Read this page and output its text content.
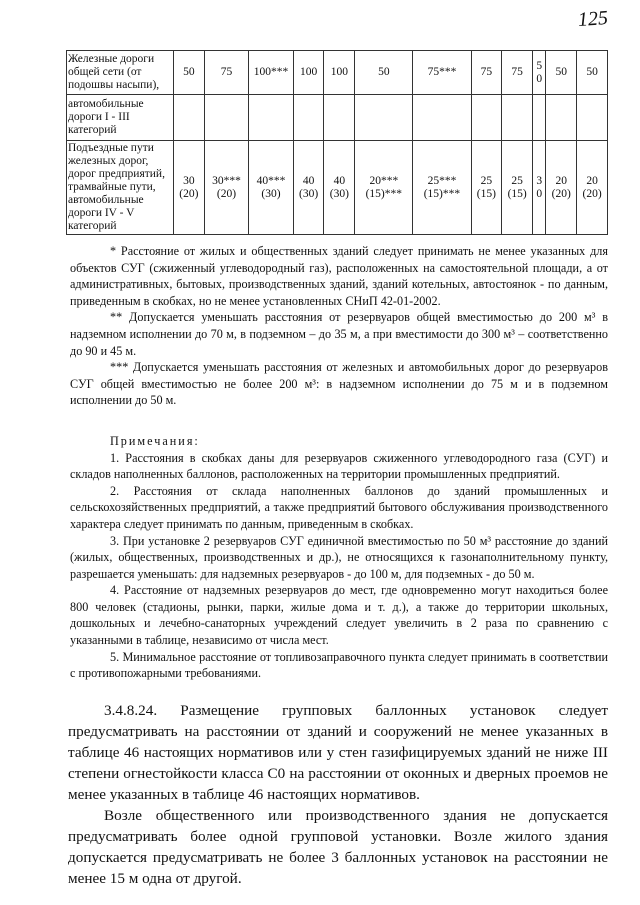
125
Железные дороги общей сети (от подошвы насыпи),	50	75	100***	100	100	50	75***	75	75	50	50	50
автомобильные дороги I - III категорий												
Подъездные пути железных дорог, дорог предприятий, трамвайные пути, автомобильные дороги IV - V категорий	30 (20)	30*** (20)	40*** (30)	40 (30)	40 (30)	20*** (15)***	25*** (15)***	25 (15)	25 (15)	30	20 (20)	20 (20)

* Расстояние от жилых и общественных зданий следует принимать не менее указанных для объектов СУГ (сжиженный углеводородный газ), расположенных на самостоятельной площади, а от административных, бытовых, производственных зданий, зданий котельных, автостоянок - по данным, приведенным в скобках, но не менее установленных СНиП 42-01-2002.

** Допускается уменьшать расстояния от резервуаров общей вместимостью до 200 м³ в надземном исполнении до 70 м, в подземном – до 35 м, а при вместимости до 300 м³ – соответственно до 90 и 45 м.

*** Допускается уменьшать расстояния от железных и автомобильных дорог до резервуаров СУГ общей вместимостью не более 200 м³: в надземном исполнении до 75 м и в подземном исполнении до 50 м.

Примечания:

1. Расстояния в скобках даны для резервуаров сжиженного углеводородного газа (СУГ) и складов наполненных баллонов, расположенных на территории промышленных предприятий.

2. Расстояния от склада наполненных баллонов до зданий промышленных и сельскохозяйственных предприятий, а также предприятий бытового обслуживания производственного характера следует принимать по данным, приведенным в скобках.

3. При установке 2 резервуаров СУГ единичной вместимостью по 50 м³ расстояние до зданий (жилых, общественных, производственных и др.), не относящихся к газонаполнительному пункту, разрешается уменьшать: для надземных резервуаров - до 100 м, для подземных - до 50 м.

4. Расстояние от надземных резервуаров до мест, где одновременно могут находиться более 800 человек (стадионы, рынки, парки, жилые дома и т. д.), а также до территории школьных, дошкольных и лечебно-санаторных учреждений следует увеличить в 2 раза по сравнению с указанными в таблице, независимо от числа мест.

5. Минимальное расстояние от топливозаправочного пункта следует принимать в соответствии с противопожарными требованиями.

3.4.8.24. Размещение групповых баллонных установок следует предусматривать на расстоянии от зданий и сооружений не менее указанных в таблице 46 настоящих нормативов или у стен газифицируемых зданий не ниже III степени огнестойкости класса С0 на расстоянии от оконных и дверных проемов не менее указанных в таблице 46 настоящих нормативов.

Возле общественного или производственного здания не допускается предусматривать более одной групповой установки. Возле жилого здания допускается предусматривать не более 3 баллонных установок на расстоянии не менее 15 м одна от другой.
